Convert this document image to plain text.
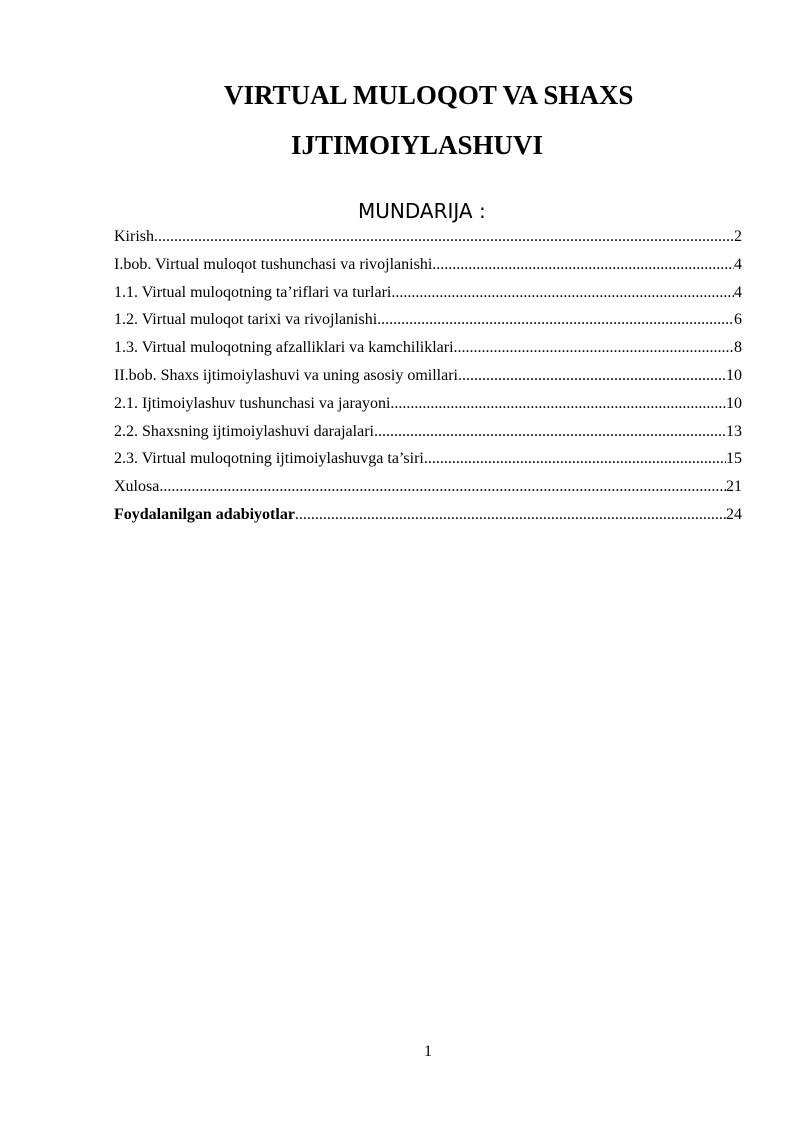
VIRTUAL MULOQOT VA SHAXS
IJTIMOIYLASHUVI
MUNDARIJA :
Kirish .....	2
I.bob. Virtual muloqot tushunchasi va rivojlanishi .....	4
1.1. Virtual muloqotning ta’riflari va turlari .....	4
1.2. Virtual muloqot tarixi va rivojlanishi .....	6
1.3. Virtual muloqotning afzalliklari va kamchiliklari .....	8
II.bob. Shaxs ijtimoiylashuvi va uning asosiy omillari .....	10
2.1. Ijtimoiylashuv tushunchasi va jarayoni .....	10
2.2. Shaxsning ijtimoiylashuvi darajalari .....	13
2.3. Virtual muloqotning ijtimoiylashuvga ta’siri .....	15
Xulosa .....	21
Foydalanilgan adabiyotlar .....	24
1
